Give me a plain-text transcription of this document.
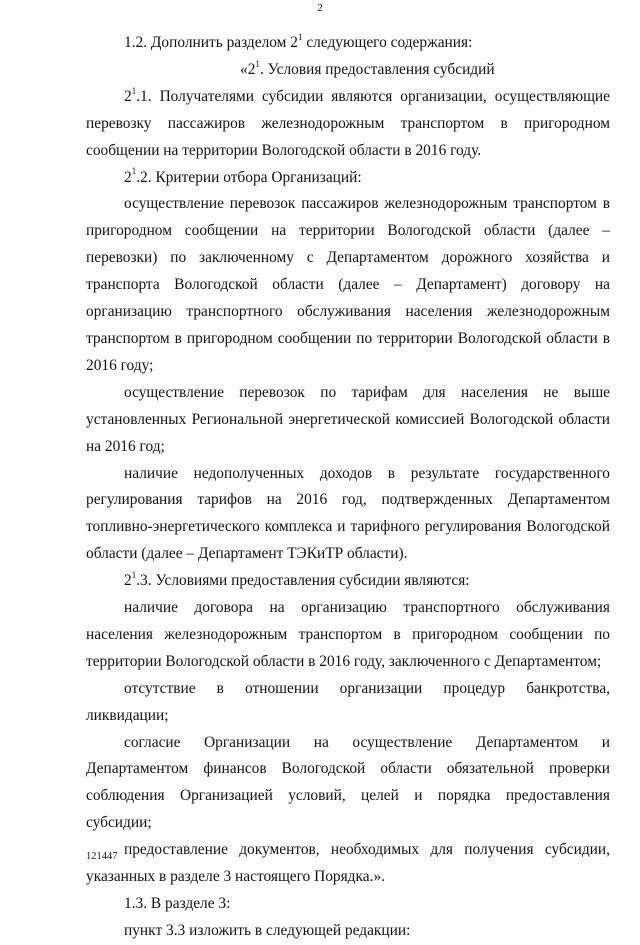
2

1.2. Дополнить разделом $2^1$ следующего содержания:

«$2^1$. Условия предоставления субсидий

$2^1.1$. Получателями субсидии являются организации, осуществляющие перевозку пассажиров железнодорожным транспортом в пригородном сообщении на территории Вологодской области в 2016 году.

$2^1.2$. Критерии отбора Организаций:

осуществление перевозок пассажиров железнодорожным транспортом в пригородном сообщении на территории Вологодской области (далее – перевозки) по заключенному с Департаментом дорожного хозяйства и транспорта Вологодской области (далее – Департамент) договору на организацию транспортного обслуживания населения железнодорожным транспортом в пригородном сообщении по территории Вологодской области в 2016 году;

осуществление перевозок по тарифам для населения не выше установленных Региональной энергетической комиссией Вологодской области на 2016 год;

наличие недополученных доходов в результате государственного регулирования тарифов на 2016 год, подтвержденных Департаментом топливно-энергетического комплекса и тарифного регулирования Вологодской области (далее – Департамент ТЭКиТР области).

$2^1.3$. Условиями предоставления субсидии являются:

наличие договора на организацию транспортного обслуживания населения железнодорожным транспортом в пригородном сообщении по территории Вологодской области в 2016 году, заключенного с Департаментом;

отсутствие в отношении организации процедур банкротства, ликвидации;

согласие Организации на осуществление Департаментом и Департаментом финансов Вологодской области обязательной проверки соблюдения Организацией условий, целей и порядка предоставления субсидии;

предоставление документов, необходимых для получения субсидии, указанных в разделе 3 настоящего Порядка.».

1.3. В разделе 3:

пункт 3.3 изложить в следующей редакции:

121447
